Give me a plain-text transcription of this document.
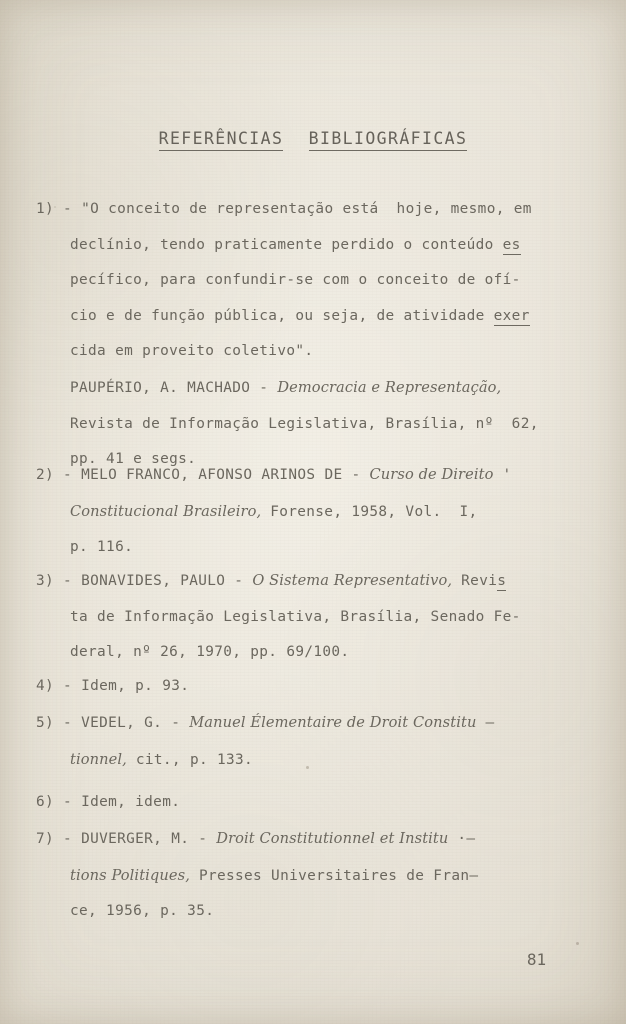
REFERÊNCIAS BIBLIOGRÁFICAS
1) - "O conceito de representação está  hoje, mesmo, em
declínio, tendo praticamente perdido o conteúdo es
pecífico, para confundir-se com o conceito de ofí-
cio e de função pública, ou seja, de atividade exer
cida em proveito coletivo".
PAUPÉRIO, A. MACHADO - Democracia e Representação,
Revista de Informação Legislativa, Brasília, nº  62,
pp. 41 e segs.
2) - MELO FRANCO, AFONSO ARINOS DE - Curso de Direito '
Constitucional Brasileiro, Forense, 1958, Vol.  I,
p. 116.
3) - BONAVIDES, PAULO - O Sistema Representativo, Revis
ta de Informação Legislativa, Brasília, Senado Fe-
deral, nº 26, 1970, pp. 69/100.
4) - Idem, p. 93.
5) - VEDEL, G. - Manuel Élementaire de Droit Constitu —
tionnel, cit., p. 133.
6) - Idem, idem.
7) - DUVERGER, M. - Droit Constitutionnel et Institu ·–
tions Politiques, Presses Universitaires de Fran—
ce, 1956, p. 35.
81
